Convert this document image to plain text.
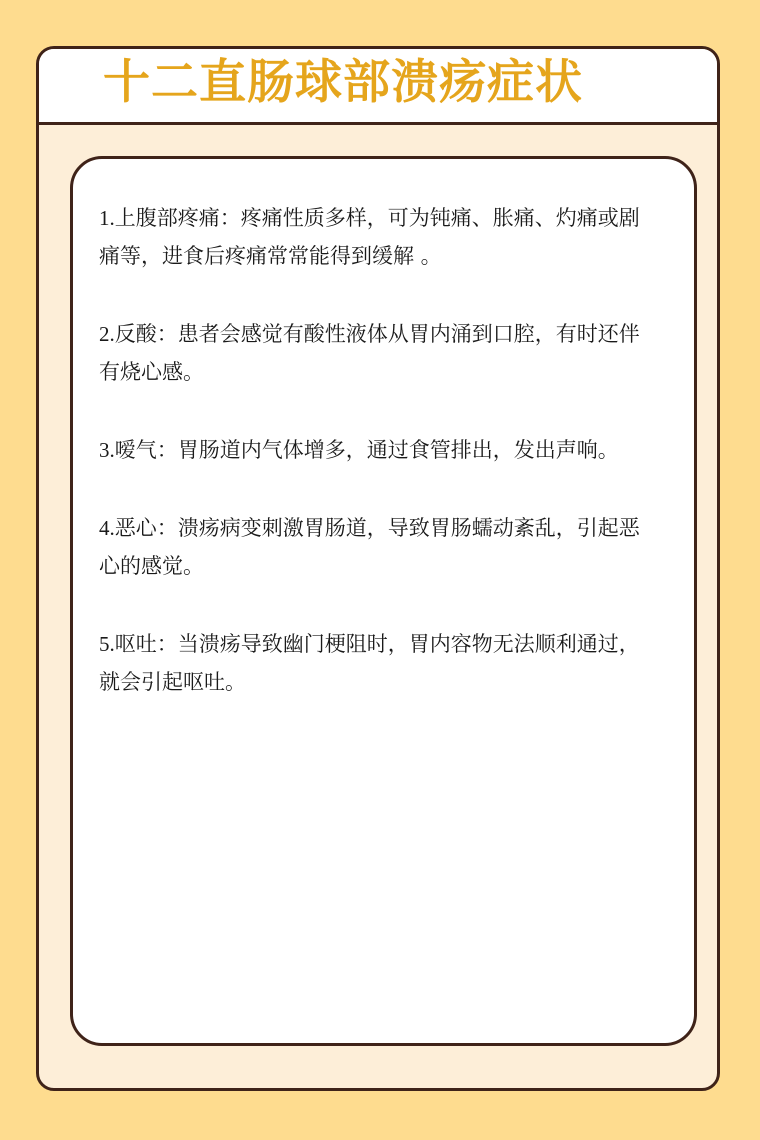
十二直肠球部溃疡症状
1.上腹部疼痛：疼痛性质多样，可为钝痛、胀痛、灼痛或剧痛等，进食后疼痛常常能得到缓解 。
2.反酸：患者会感觉有酸性液体从胃内涌到口腔，有时还伴有烧心感。
3.嗳气：胃肠道内气体增多，通过食管排出，发出声响。
4.恶心：溃疡病变刺激胃肠道，导致胃肠蠕动紊乱，引起恶心的感觉。
5.呕吐：当溃疡导致幽门梗阻时，胃内容物无法顺利通过，就会引起呕吐。
